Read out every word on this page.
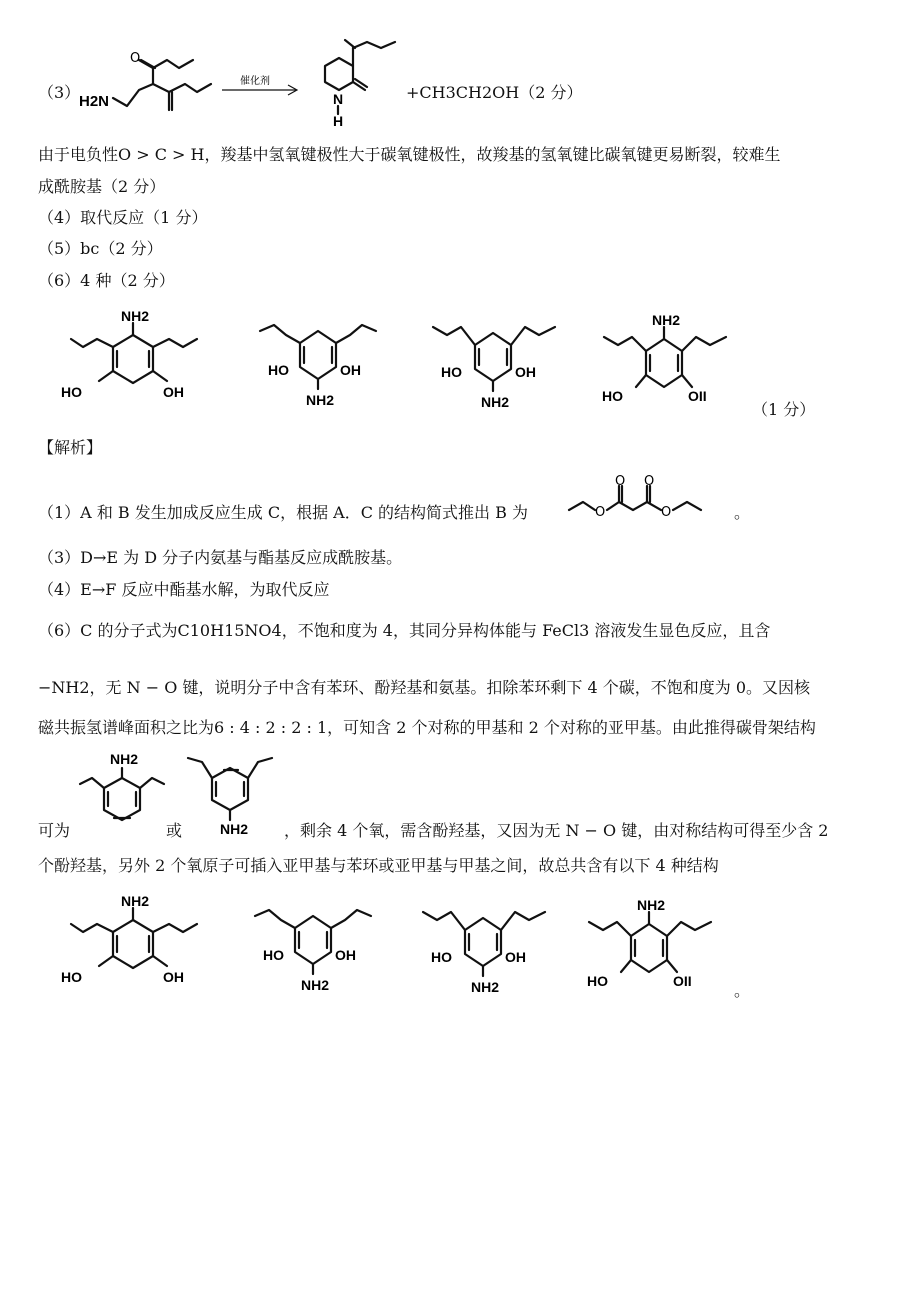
（3）
H2N
O
催化剂
N
H
+CH3CH2OH（2 分）
由于电负性O > C > H，羧基中氢氧键极性大于碳氧键极性，故羧基的氢氧键比碳氧键更易断裂，较难生
成酰胺基（2 分）
（4）取代反应（1 分）
（5）bc（2 分）
（6）4 种（2 分）
NH2
HO	OH
HO	OH
NH2
HO	OH
NH2
NH2
HO	OII
（1 分）
【解析】
（1）A 和 B 发生加成反应生成 C，根据 A．C 的结构简式推出 B 为	O
O O
O	。
（3）D→E 为 D 分子内氨基与酯基反应成酰胺基。
（4）E→F 反应中酯基水解，为取代反应
（6）C 的分子式为C10H15NO4，不饱和度为 4，其同分异构体能与 FeCl3 溶液发生显色反应，且含
−NH2，无 N − O 键，说明分子中含有苯环、酚羟基和氨基。扣除苯环剩下 4 个碳，不饱和度为 0。又因核
磁共振氢谱峰面积之比为6 : 4 : 2 : 2 : 1，可知含 2 个对称的甲基和 2 个对称的亚甲基。由此推得碳骨架结构
NH2
NH2
可为	或	，剩余 4 个氧，需含酚羟基，又因为无 N − O 键，由对称结构可得至少含 2
个酚羟基，另外 2 个氧原子可插入亚甲基与苯环或亚甲基与甲基之间，故总共含有以下 4 种结构
NH2
HO	OH
HO	OH
NH2
HO	OH
NH2
NH2
HO	OII	。
